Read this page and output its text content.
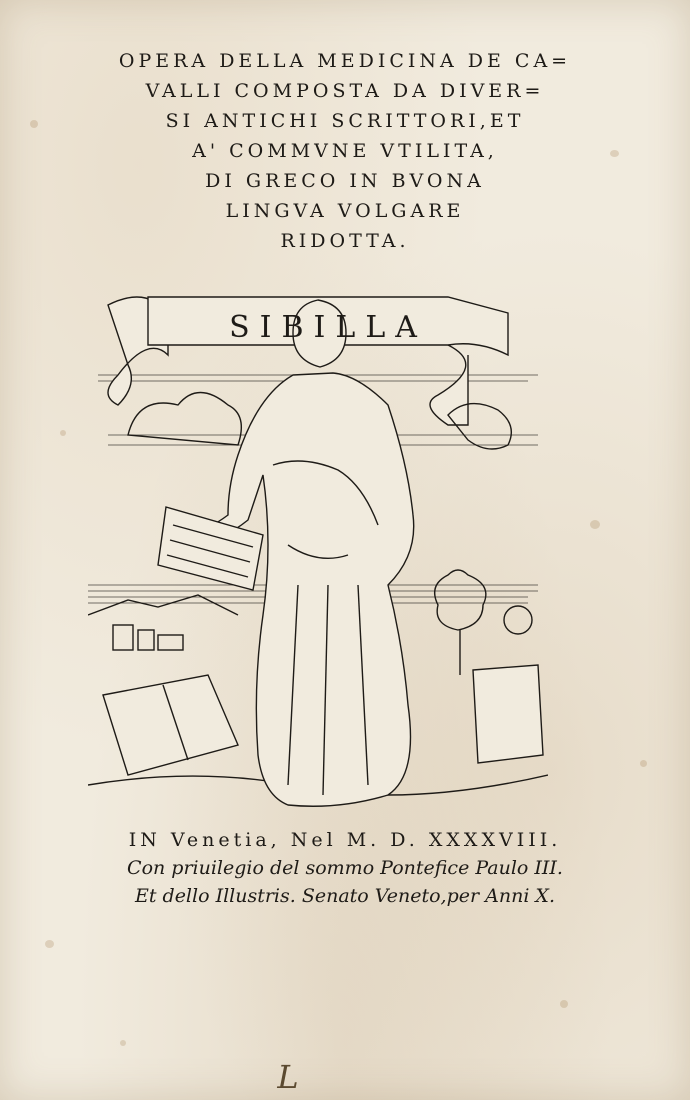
OPERA DELLA MEDICINA DE CA=
VALLI COMPOSTA DA DIVER=
SI ANTICHI SCRITTORI,ET
A' COMMVNE VTILITA,
DI GRECO IN BVONA
LINGVA VOLGARE
RIDOTTA.
SIBILLA
IN Venetia, Nel M. D. XXXXVIII.
Con priuilegio del sommo Pontefice Paulo III.
Et dello Illustris. Senato Veneto,per Anni X.
L
